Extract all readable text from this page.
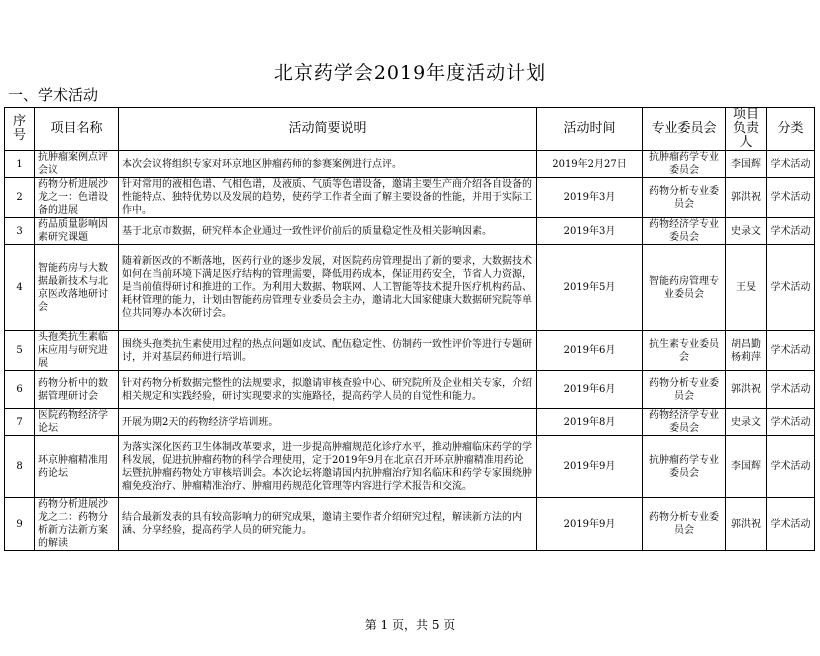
北京药学会2019年度活动计划
一、学术活动
序号	项目名称	活动简要说明	活动时间	专业委员会	项目负责人	分类
1	抗肿瘤案例点评会议	本次会议将组织专家对环京地区肿瘤药师的参赛案例进行点评。	2019年2月27日	抗肿瘤药学专业委员会	李国辉	学术活动
2	药物分析进展沙龙之一：色谱设备的进展	针对常用的液相色谱、气相色谱，及液质、气质等色谱设备，邀请主要生产商介绍各自设备的性能特点、独特优势以及发展的趋势，使药学工作者全面了解主要设备的性能，并用于实际工作中。	2019年3月	药物分析专业委员会	郭洪祝	学术活动
3	药品质量影响因素研究课题	基于北京市数据，研究样本企业通过一致性评价前后的质量稳定性及相关影响因素。	2019年3月	药物经济学专业委员会	史录文	学术活动
4	智能药房与大数据最新技术与北京医改落地研讨会	随着新医改的不断落地，医药行业的逐步发展，对医院药房管理提出了新的要求，大数据技术如何在当前环境下满足医疗结构的管理需要，降低用药成本，保证用药安全，节省人力资源，是当前值得研讨和推进的工作。为利用大数据、物联网、人工智能等技术提升医疗机构药品、耗材管理的能力，计划由智能药房管理专业委员会主办，邀请北大国家健康大数据研究院等单位共同筹办本次研讨会。	2019年5月	智能药房管理专业委员会	王旻	学术活动
5	头孢类抗生素临床应用与研究进展	围绕头孢类抗生素使用过程的热点问题如皮试、配伍稳定性、仿制药一致性评价等进行专题研讨，并对基层药师进行培训。	2019年6月	抗生素专业委员会	胡昌勤 杨莉萍	学术活动
6	药物分析中的数据管理研讨会	针对药物分析数据完整性的法规要求，拟邀请审核查验中心、研究院所及企业相关专家，介绍相关规定和实践经验，研讨实现要求的实施路径，提高药学人员的自觉性和能力。	2019年6月	药物分析专业委员会	郭洪祝	学术活动
7	医院药物经济学论坛	开展为期2天的药物经济学培训班。	2019年8月	药物经济学专业委员会	史录文	学术活动
8	环京肿瘤精准用药论坛	为落实深化医药卫生体制改革要求，进一步提高肿瘤规范化诊疗水平，推动肿瘤临床药学的学科发展，促进抗肿瘤药物的科学合理使用，定于2019年9月在北京召开环京肿瘤精准用药论坛暨抗肿瘤药物处方审核培训会。本次论坛将邀请国内抗肿瘤治疗知名临床和药学专家围绕肿瘤免疫治疗、肿瘤精准治疗、肿瘤用药规范化管理等内容进行学术报告和交流。	2019年9月	抗肿瘤药学专业委员会	李国辉	学术活动
9	药物分析进展沙龙之二：药物分析新方法新方案的解读	结合最新发表的具有较高影响力的研究成果，邀请主要作者介绍研究过程，解读新方法的内涵、分享经验，提高药学人员的研究能力。	2019年9月	药物分析专业委员会	郭洪祝	学术活动
第 1 页，共 5 页
